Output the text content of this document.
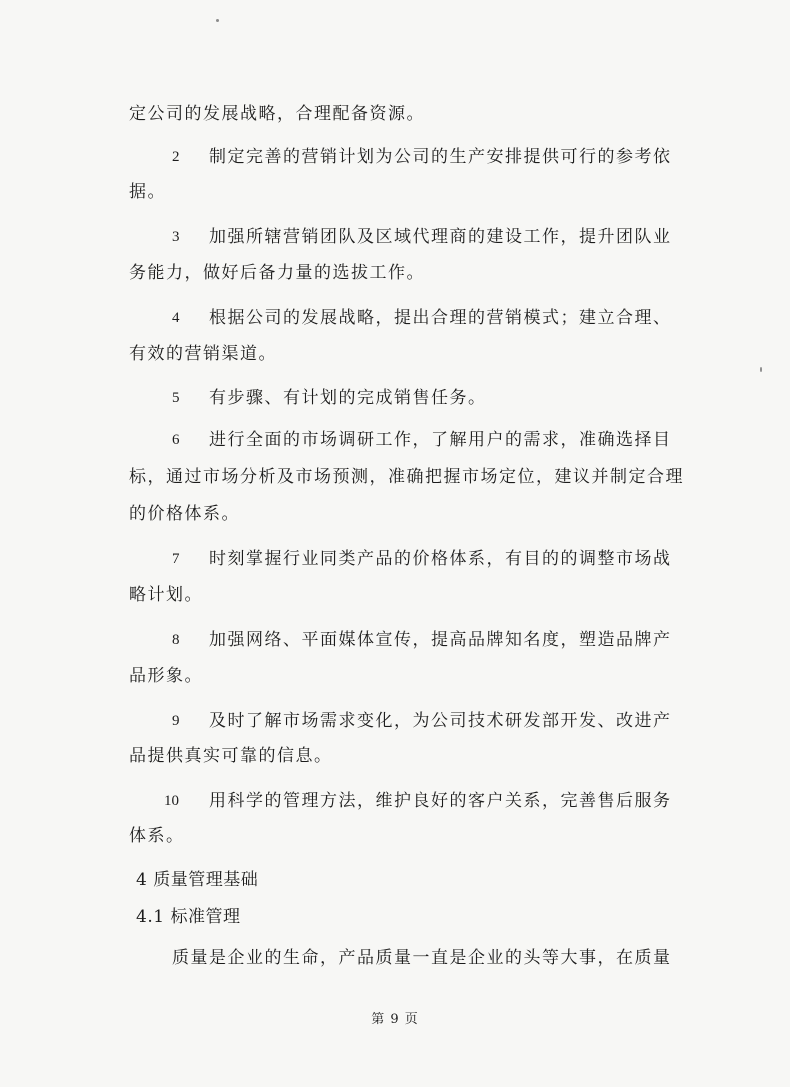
定公司的发展战略，合理配备资源。
2 制定完善的营销计划为公司的生产安排提供可行的参考依
据。
3 加强所辖营销团队及区域代理商的建设工作，提升团队业
务能力，做好后备力量的选拔工作。
4 根据公司的发展战略，提出合理的营销模式；建立合理、
有效的营销渠道。
5 有步骤、有计划的完成销售任务。
6 进行全面的市场调研工作，了解用户的需求，准确选择目
标，通过市场分析及市场预测，准确把握市场定位，建议并制定合理
的价格体系。
7 时刻掌握行业同类产品的价格体系，有目的的调整市场战
略计划。
8 加强网络、平面媒体宣传，提高品牌知名度，塑造品牌产
品形象。
9 及时了解市场需求变化，为公司技术研发部开发、改进产
品提供真实可靠的信息。
10 用科学的管理方法，维护良好的客户关系，完善售后服务
体系。
4 质量管理基础
4.1 标准管理
质量是企业的生命，产品质量一直是企业的头等大事，在质量
第 9 页
